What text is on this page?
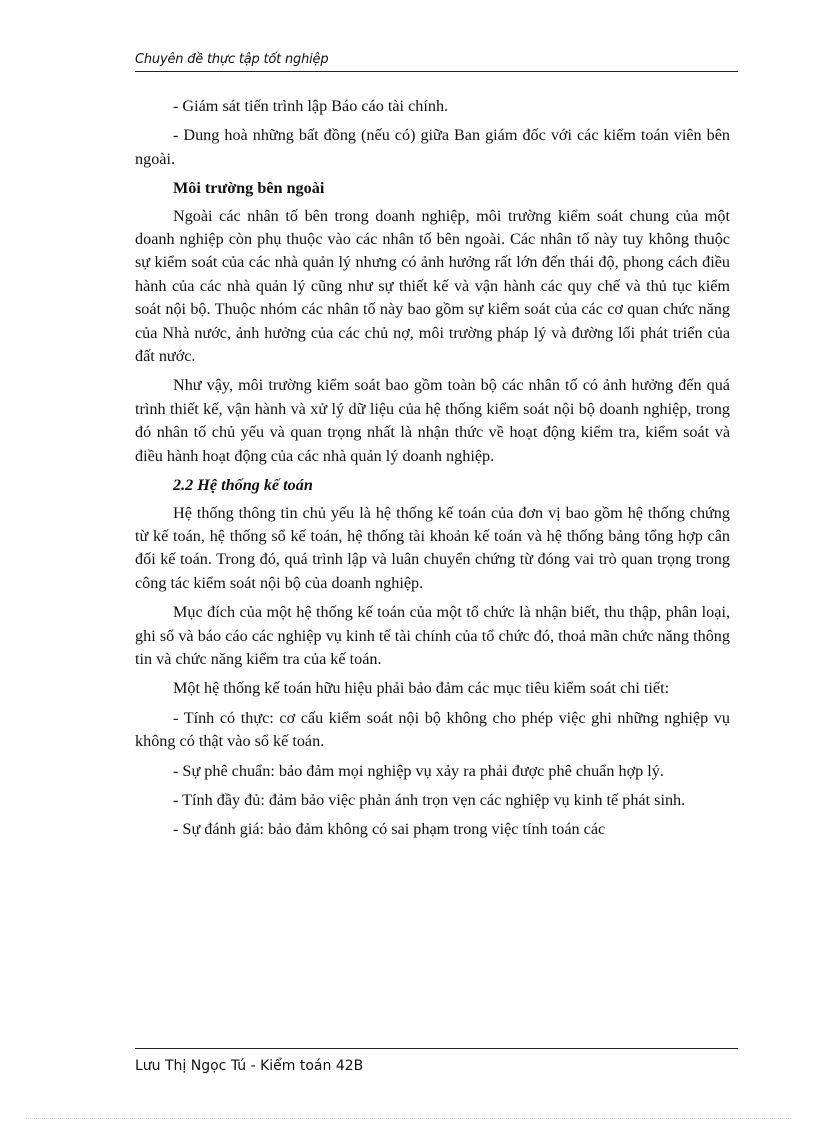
Chuyên đề thực tập tốt nghiệp

- Giám sát tiến trình lập Báo cáo tài chính.

- Dung hoà những bất đồng (nếu có) giữa Ban giám đốc với các kiểm toán viên bên ngoài.

Môi trường bên ngoài

Ngoài các nhân tố bên trong doanh nghiệp, môi trường kiểm soát chung của một doanh nghiệp còn phụ thuộc vào các nhân tố bên ngoài. Các nhân tố này tuy không thuộc sự kiểm soát của các nhà quản lý nhưng có ảnh hưởng rất lớn đến thái độ, phong cách điều hành của các nhà quản lý cũng như sự thiết kế và vận hành các quy chế và thủ tục kiểm soát nội bộ. Thuộc nhóm các nhân tố này bao gồm sự kiểm soát của các cơ quan chức năng của Nhà nước, ảnh hưởng của các chủ nợ, môi trường pháp lý và đường lối phát triển của đất nước.

Như vậy, môi trường kiểm soát bao gồm toàn bộ các nhân tố có ảnh hưởng đến quá trình thiết kế, vận hành và xử lý dữ liệu của hệ thống kiểm soát nội bộ doanh nghiệp, trong đó nhân tố chủ yếu và quan trọng nhất là nhận thức về hoạt động kiểm tra, kiểm soát và điều hành hoạt động của các nhà quản lý doanh nghiệp.

2.2 Hệ thống kế toán

Hệ thống thông tin chủ yếu là hệ thống kế toán của đơn vị bao gồm hệ thống chứng từ kế toán, hệ thống sổ kế toán, hệ thống tài khoản kế toán và hệ thống bảng tổng hợp cân đối kế toán. Trong đó, quá trình lập và luân chuyển chứng từ đóng vai trò quan trọng trong công tác kiểm soát nội bộ của doanh nghiệp.

Mục đích của một hệ thống kế toán của một tổ chức là nhận biết, thu thập, phân loại, ghi sổ và báo cáo các nghiệp vụ kinh tế tài chính của tổ chức đó, thoả mãn chức năng thông tin và chức năng kiểm tra của kế toán.

Một hệ thống kế toán hữu hiệu phải bảo đảm các mục tiêu kiểm soát chi tiết:

- Tính có thực: cơ cấu kiểm soát nội bộ không cho phép việc ghi những nghiệp vụ không có thật vào sổ kế toán.

- Sự phê chuẩn: bảo đảm mọi nghiệp vụ xảy ra phải được phê chuẩn hợp lý.

- Tính đầy đủ: đảm bảo việc phản ánh trọn vẹn các nghiệp vụ kinh tế phát sinh.

- Sự đánh giá: bảo đảm không có sai phạm trong việc tính toán các

Lưu Thị Ngọc Tú - Kiểm toán 42B
